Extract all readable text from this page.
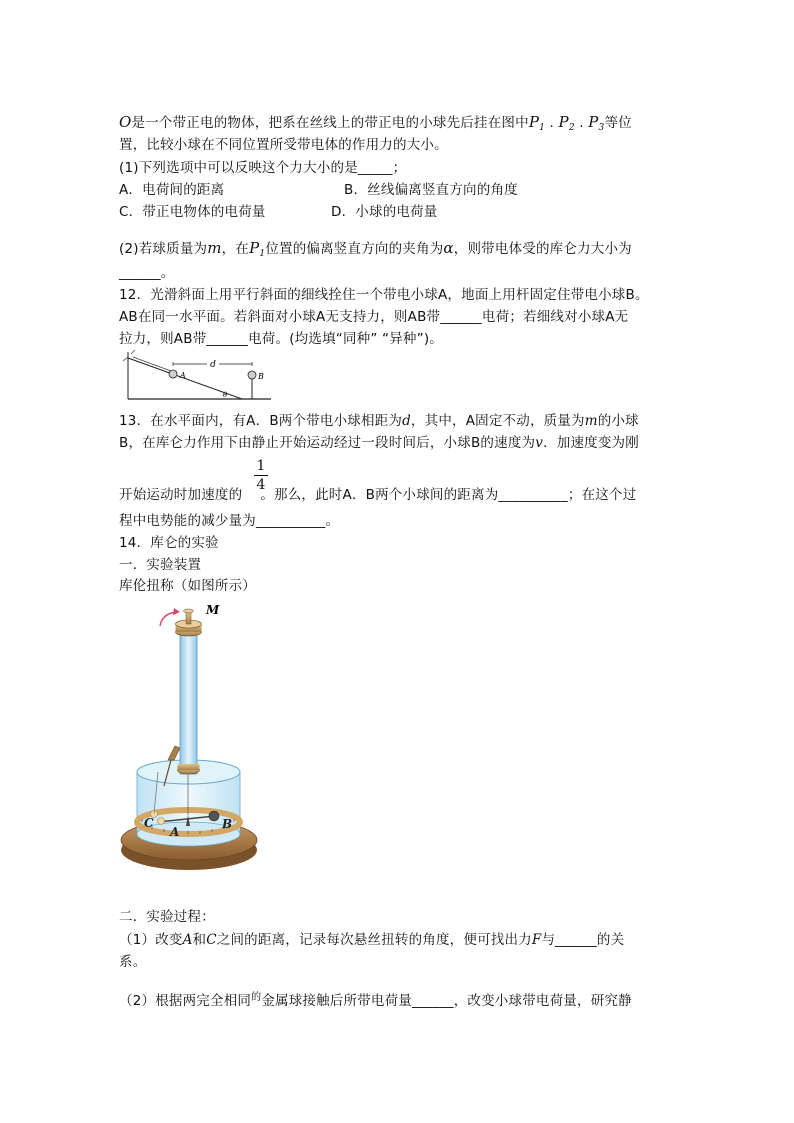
O是一个带正电的物体，把系在丝线上的带正电的小球先后挂在图中$P_1$ . $P_2$ . $P_3$等位
置，比较小球在不同位置所受带电体的作用力的大小。
(1)下列选项中可以反映这个力大小的是_____；
A．电荷间的距离	B．丝线偏离竖直方向的角度
C．带正电物体的电荷量	D．小球的电荷量
(2)若球质量为m，在$P_1$位置的偏离竖直方向的夹角为α，则带电体受的库仑力大小为
______。
12．光滑斜面上用平行斜面的细线拴住一个带电小球A，地面上用杆固定住带电小球B。
AB在同一水平面。若斜面对小球A无支持力，则AB带______电荷；若细线对小球A无
拉力，则AB带______电荷。(均选填“同种” “异种”)。
d
A	B
θ
13．在水平面内，有A．B两个带电小球相距为d，其中，A固定不动，质量为m的小球
B，在库仑力作用下由静止开始运动经过一段时间后，小球B的速度为v．加速度变为刚
1
4
开始运动时加速度的 。那么，此时A．B两个小球间的距离为__________；在这个过
程中电势能的减少量为__________。
14．库仑的实验
一．实验装置
库伦扭称（如图所示）
M
C
A
B
二．实验过程：
（1）改变A和C之间的距离，记录每次悬丝扭转的角度，便可找出力F与______的关
系。
（2）根据两完全相同$^的$金属球接触后所带电荷量______，改变小球带电荷量，研究静
